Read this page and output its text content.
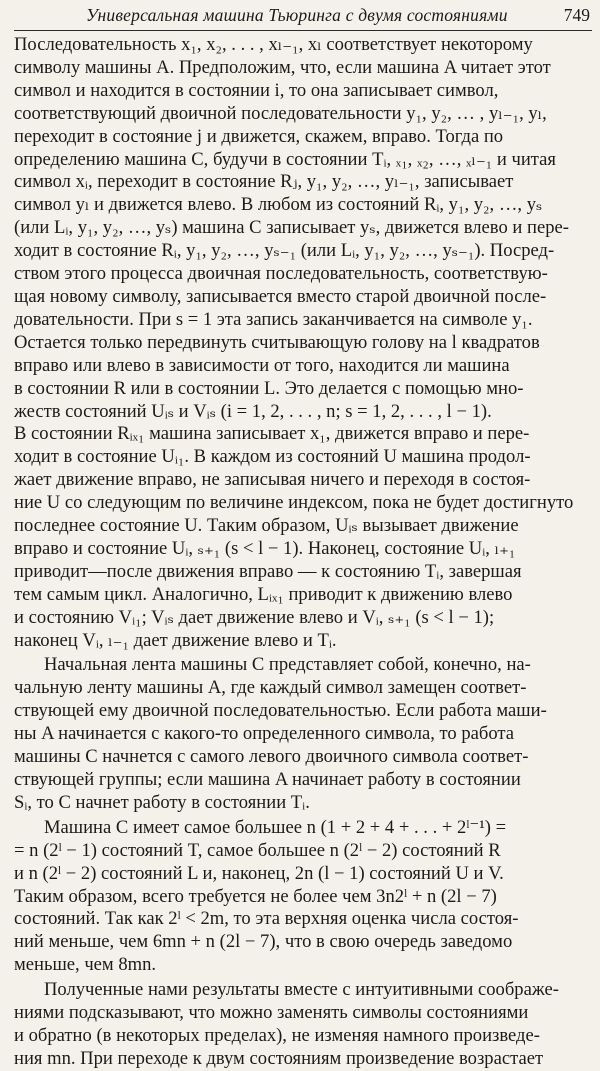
Универсальная машина Тьюринга с двумя состояниями	749
Последовательность x₁, x₂, . . . , xₗ₋₁, xₗ соответствует некоторому
символу машины A. Предположим, что, если машина A читает этот
символ и находится в состоянии i, то она записывает символ,
соответствующий двоичной последовательности y₁, y₂, … , yₗ₋₁, yₗ,
переходит в состояние j и движется, скажем, вправо. Тогда по
определению машина C, будучи в состоянии Tᵢ, ₓ₁, ₓ₂, …, ₓₗ₋₁ и читая
символ xᵢ, переходит в состояние Rⱼ, y₁, y₂, …, yₗ₋₁, записывает
символ yₗ и движется влево. В любом из состояний Rᵢ, y₁, y₂, …, yₛ
(или Lᵢ, y₁, y₂, …, yₛ) машина C записывает yₛ, движется влево и пере-
ходит в состояние Rᵢ, y₁, y₂, …, yₛ₋₁ (или Lᵢ, y₁, y₂, …, yₛ₋₁). Посред-
ством этого процесса двоичная последовательность, соответствую-
щая новому символу, записывается вместо старой двоичной после-
довательности. При s = 1 эта запись заканчивается на символе y₁.
Остается только передвинуть считывающую голову на l квадратов
вправо или влево в зависимости от того, находится ли машина
в состоянии R или в состоянии L. Это делается с помощью мно-
жеств состояний Uᵢₛ и Vᵢₛ (i = 1, 2, . . . , n; s = 1, 2, . . . , l − 1).
В состоянии Rᵢₓ₁ машина записывает x₁, движется вправо и пере-
ходит в состояние Uᵢ₁. В каждом из состояний U машина продол-
жает движение вправо, не записывая ничего и переходя в состоя-
ние U со следующим по величине индексом, пока не будет достигнуто
последнее состояние U. Таким образом, Uᵢₛ вызывает движение
вправо и состояние Uᵢ, ₛ₊₁ (s < l − 1). Наконец, состояние Uᵢ, ₗ₊₁
приводит—после движения вправо — к состоянию Tᵢ, завершая
тем самым цикл. Аналогично, Lᵢₓ₁ приводит к движению влево
и состоянию Vᵢ₁; Vᵢₛ дает движение влево и Vᵢ, ₛ₊₁ (s < l − 1);
наконец Vᵢ, ₗ₋₁ дает движение влево и Tᵢ.
Начальная лента машины C представляет собой, конечно, на-
чальную ленту машины A, где каждый символ замещен соответ-
ствующей ему двоичной последовательностью. Если работа маши-
ны A начинается с какого-то определенного символа, то работа
машины C начнется с самого левого двоичного символа соответ-
ствующей группы; если машина A начинает работу в состоянии
Sᵢ, то C начнет работу в состоянии Tᵢ.
Машина C имеет самое большее n (1 + 2 + 4 + . . . + 2ˡ⁻¹) =
= n (2ˡ − 1) состояний T, самое большее n (2ˡ − 2) состояний R
и n (2ˡ − 2) состояний L и, наконец, 2n (l − 1) состояний U и V.
Таким образом, всего требуется не более чем 3n2ˡ + n (2l − 7)
состояний. Так как 2ˡ < 2m, то эта верхняя оценка числа состоя-
ний меньше, чем 6mn + n (2l − 7), что в свою очередь заведомо
меньше, чем 8mn.
Полученные нами результаты вместе с интуитивными соображе-
ниями подсказывают, что можно заменять символы состояниями
и обратно (в некоторых пределах), не изменяя намного произведе-
ния mn. При переходе к двум состояниям произведение возрастает
